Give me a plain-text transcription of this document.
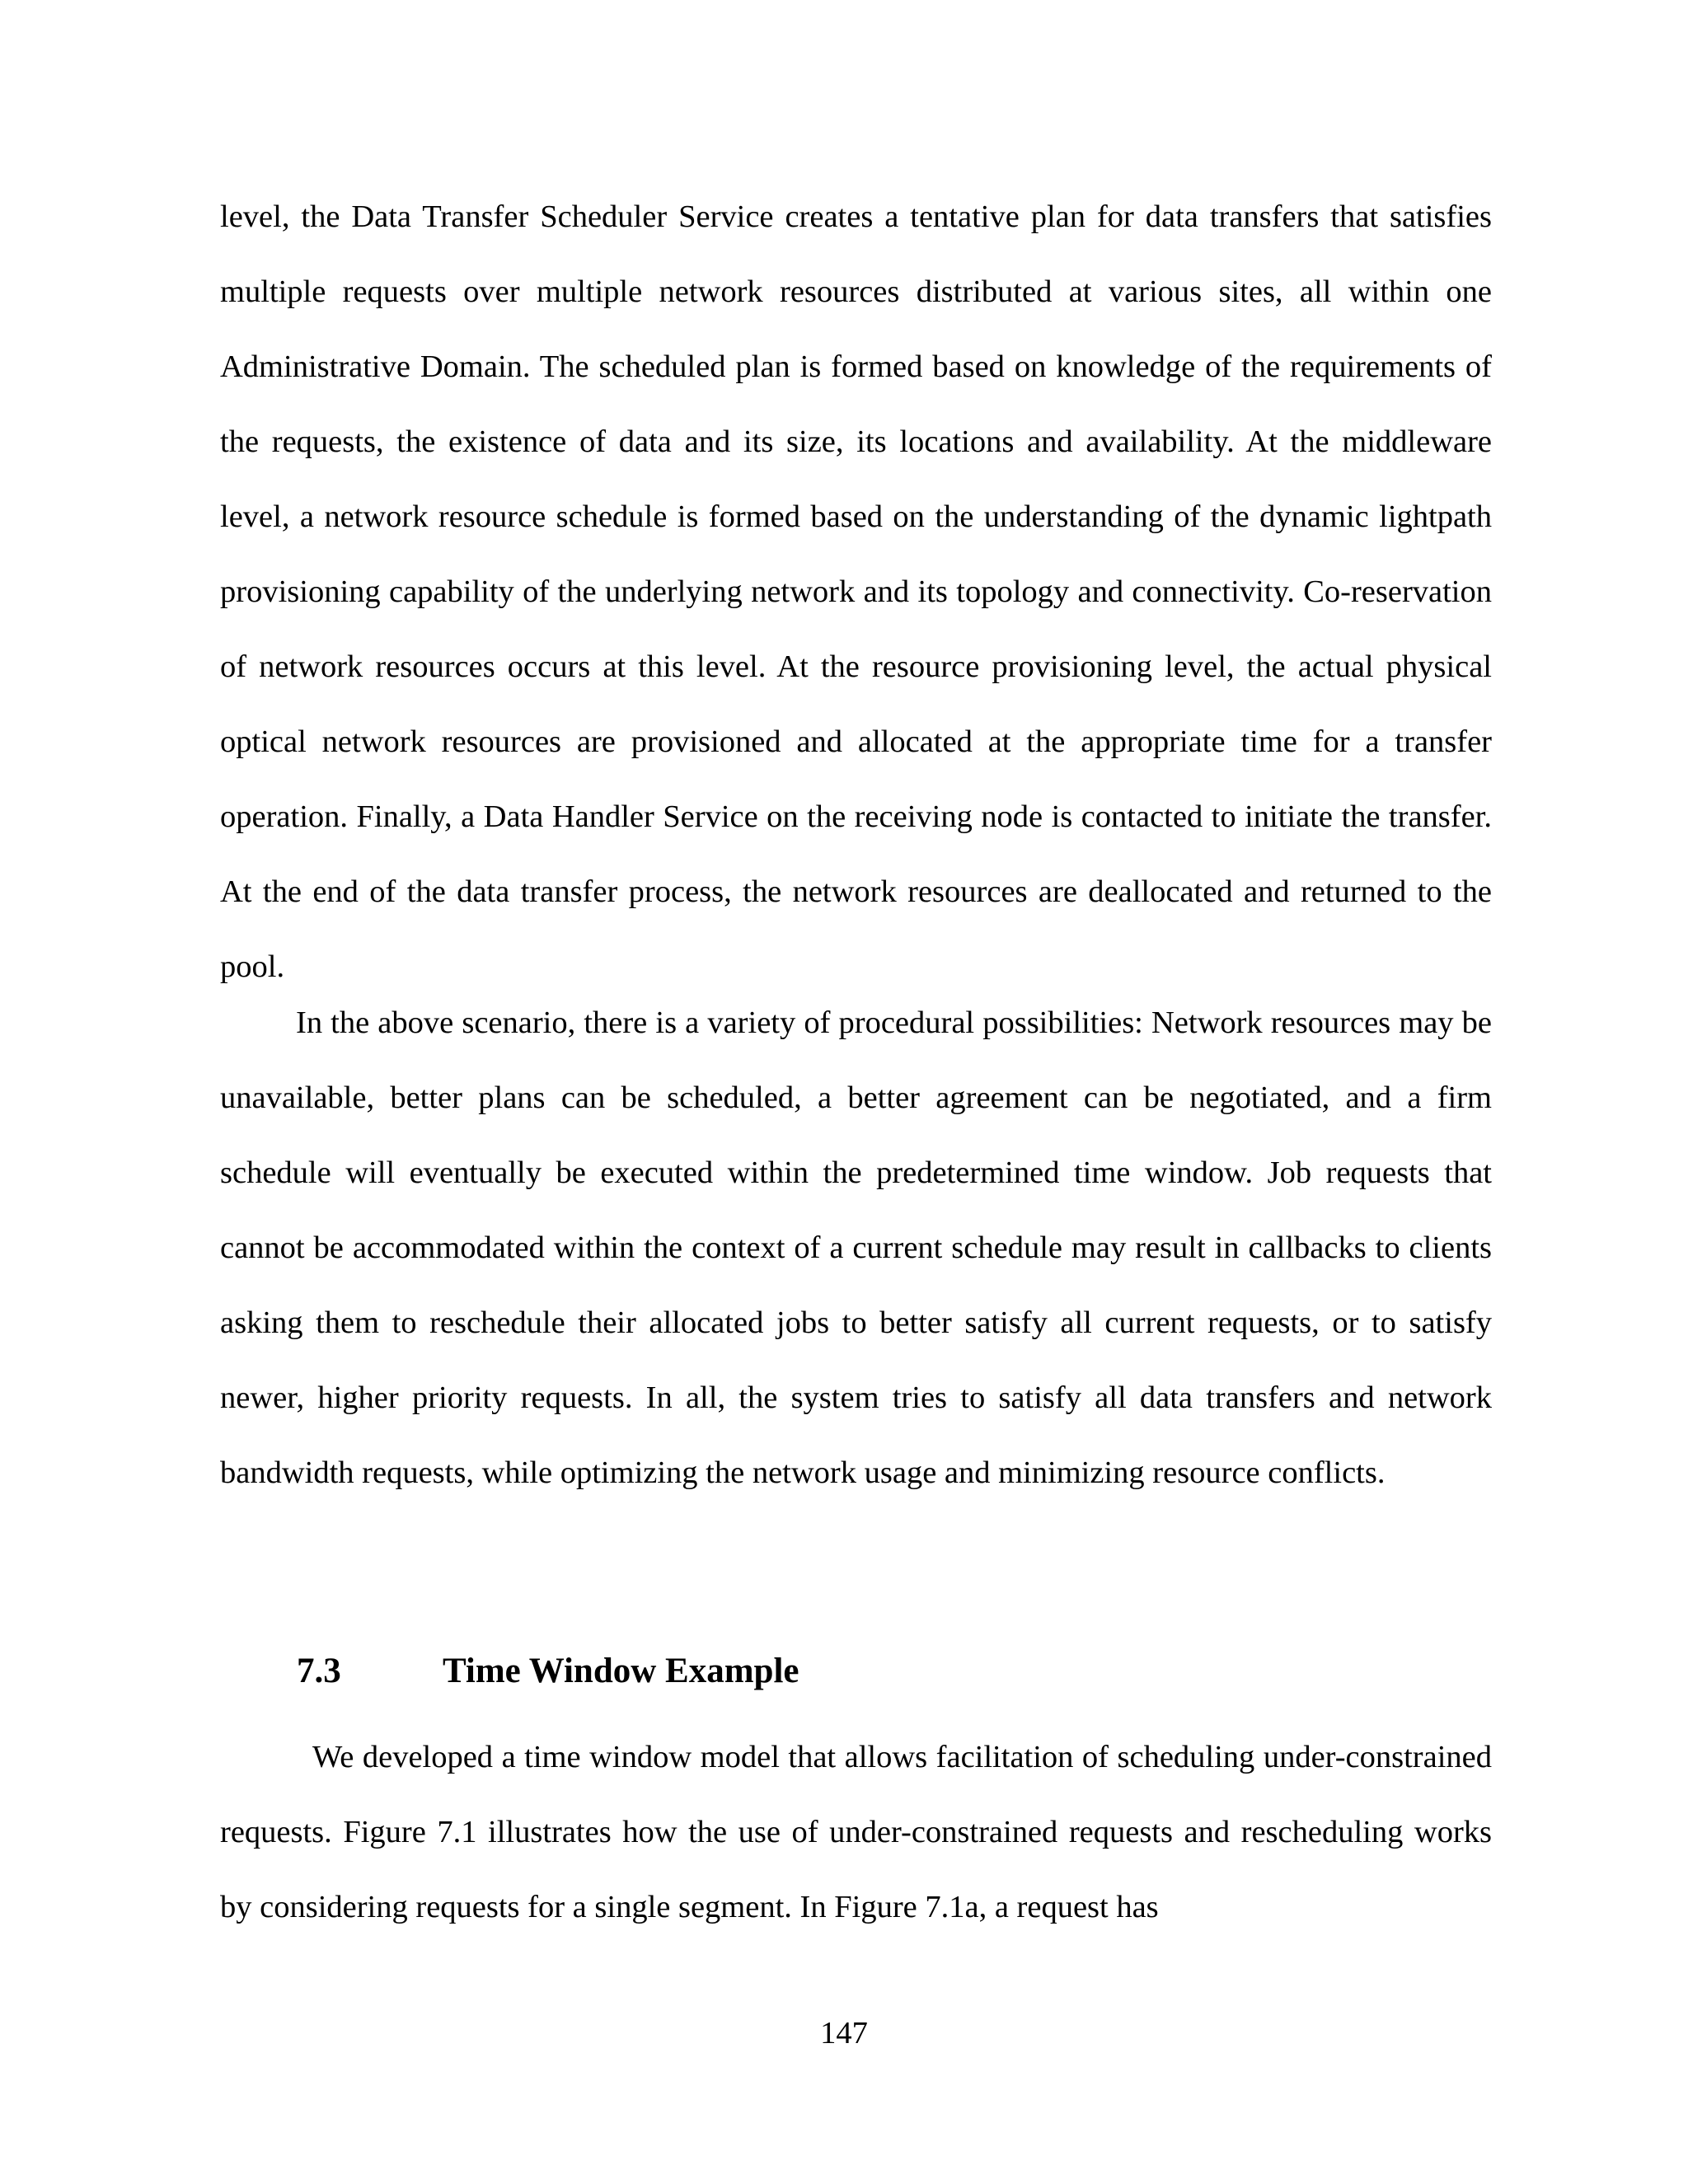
level, the Data Transfer Scheduler Service creates a tentative plan for data transfers that satisfies multiple requests over multiple network resources distributed at various sites, all within one Administrative Domain. The scheduled plan is formed based on knowledge of the requirements of the requests, the existence of data and its size, its locations and availability. At the middleware level, a network resource schedule is formed based on the understanding of the dynamic lightpath provisioning capability of the underlying network and its topology and connectivity. Co-reservation of network resources occurs at this level. At the resource provisioning level, the actual physical optical network resources are provisioned and allocated at the appropriate time for a transfer operation. Finally, a Data Handler Service on the receiving node is contacted to initiate the transfer. At the end of the data transfer process, the network resources are deallocated and returned to the pool.

In the above scenario, there is a variety of procedural possibilities: Network resources may be unavailable, better plans can be scheduled, a better agreement can be negotiated, and a firm schedule will eventually be executed within the predetermined time window. Job requests that cannot be accommodated within the context of a current schedule may result in callbacks to clients asking them to reschedule their allocated jobs to better satisfy all current requests, or to satisfy newer, higher priority requests. In all, the system tries to satisfy all data transfers and network bandwidth requests, while optimizing the network usage and minimizing resource conflicts.

7.3	Time Window Example

We developed a time window model that allows facilitation of scheduling under-constrained requests. Figure 7.1 illustrates how the use of under-constrained requests and rescheduling works by considering requests for a single segment. In Figure 7.1a, a request has

147
